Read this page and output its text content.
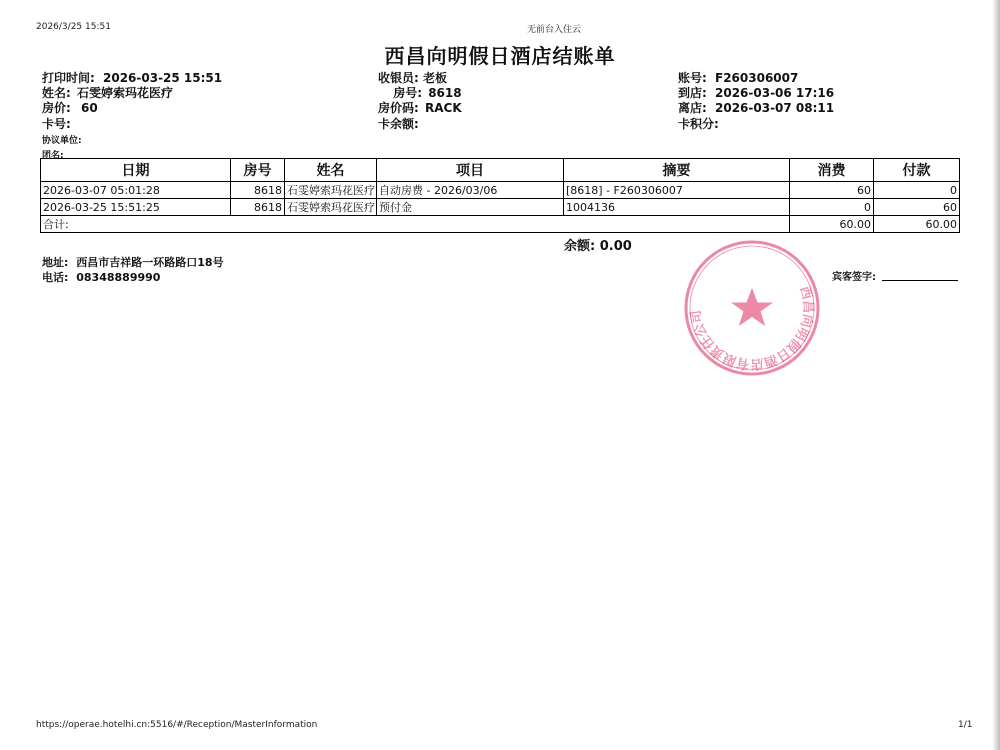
2026/3/25 15:51	无前台入住云
西昌向明假日酒店结账单
打印时间: 2026-03-25 15:51
姓名: 石雯婷索玛花医疗
房价: 60
卡号:
协议单位:
团名:
收银员: 老板
房号: 8618
房价码: RACK
卡余额:
账号: F260306007
到店: 2026-03-06 17:16
离店: 2026-03-07 08:11
卡积分:
日期	房号	姓名	项目	摘要	消费	付款
2026-03-07 05:01:28	8618	石雯婷索玛花医疗	自动房费 - 2026/03/06	[8618] - F260306007	60	0
2026-03-25 15:51:25	8618	石雯婷索玛花医疗	预付金	1004136	0	60
合计:					60.00	60.00
余额: 0.00
地址: 西昌市吉祥路一环路路口18号
电话: 08348889990	宾客签字:
西昌向明假日酒店有限责任公司
https://operae.hotelhi.cn:5516/#/Reception/MasterInformation	1/1
